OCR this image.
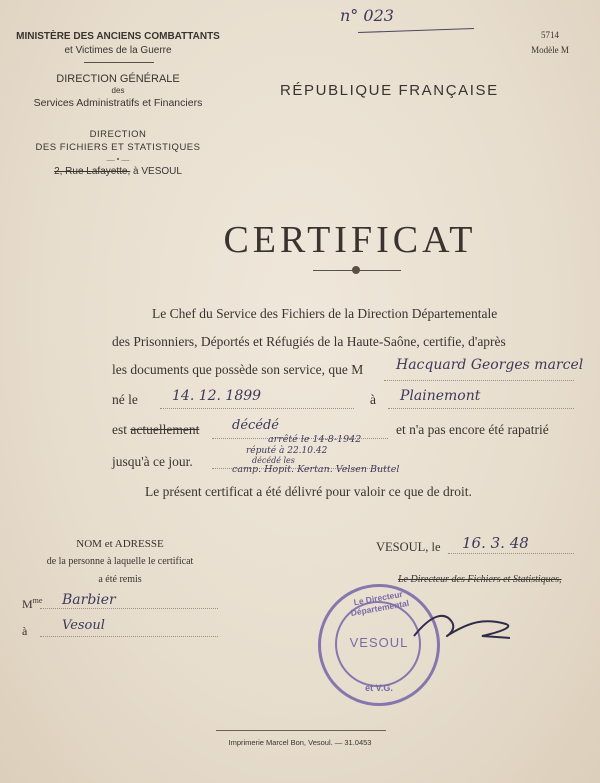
MINISTÈRE DES ANCIENS COMBATTANTS
et Victimes de la Guerre
DIRECTION GÉNÉRALE
des
Services Administratifs et Financiers
DIRECTION
DES FICHIERS ET STATISTIQUES
— • —
2, Rue Lafayette, à VESOUL
n° 023
5714
Modèle M
RÉPUBLIQUE FRANÇAISE
CERTIFICAT
Le Chef du Service des Fichiers de la Direction Départementale
des Prisonniers, Déportés et Réfugiés de la Haute-Saône, certifie, d'après
les documents que possède son service, que M Hacquard Georges marcel
né le 14. 12. 1899	à Plainemont
est actuellement	décédé	et n'a pas encore été rapatrié
jusqu'à ce jour.
arrêté le 14-8-1942
réputé à 22.10.42
décédé les
camp. Hopit. Kertan. Velsen Buttel
Le présent certificat a été délivré pour valoir ce que de droit.
NOM et ADRESSE
de la personne à laquelle le certificat
a été remis
$M^{me}$ Barbier
à	Vesoul
VESOUL, le 16. 3. 48
Le Directeur des Fichiers et Statistiques,
Le Directeur Départemental
VESOUL
et V.G.
Imprimerie Marcel Bon, Vesoul. — 31.0453
